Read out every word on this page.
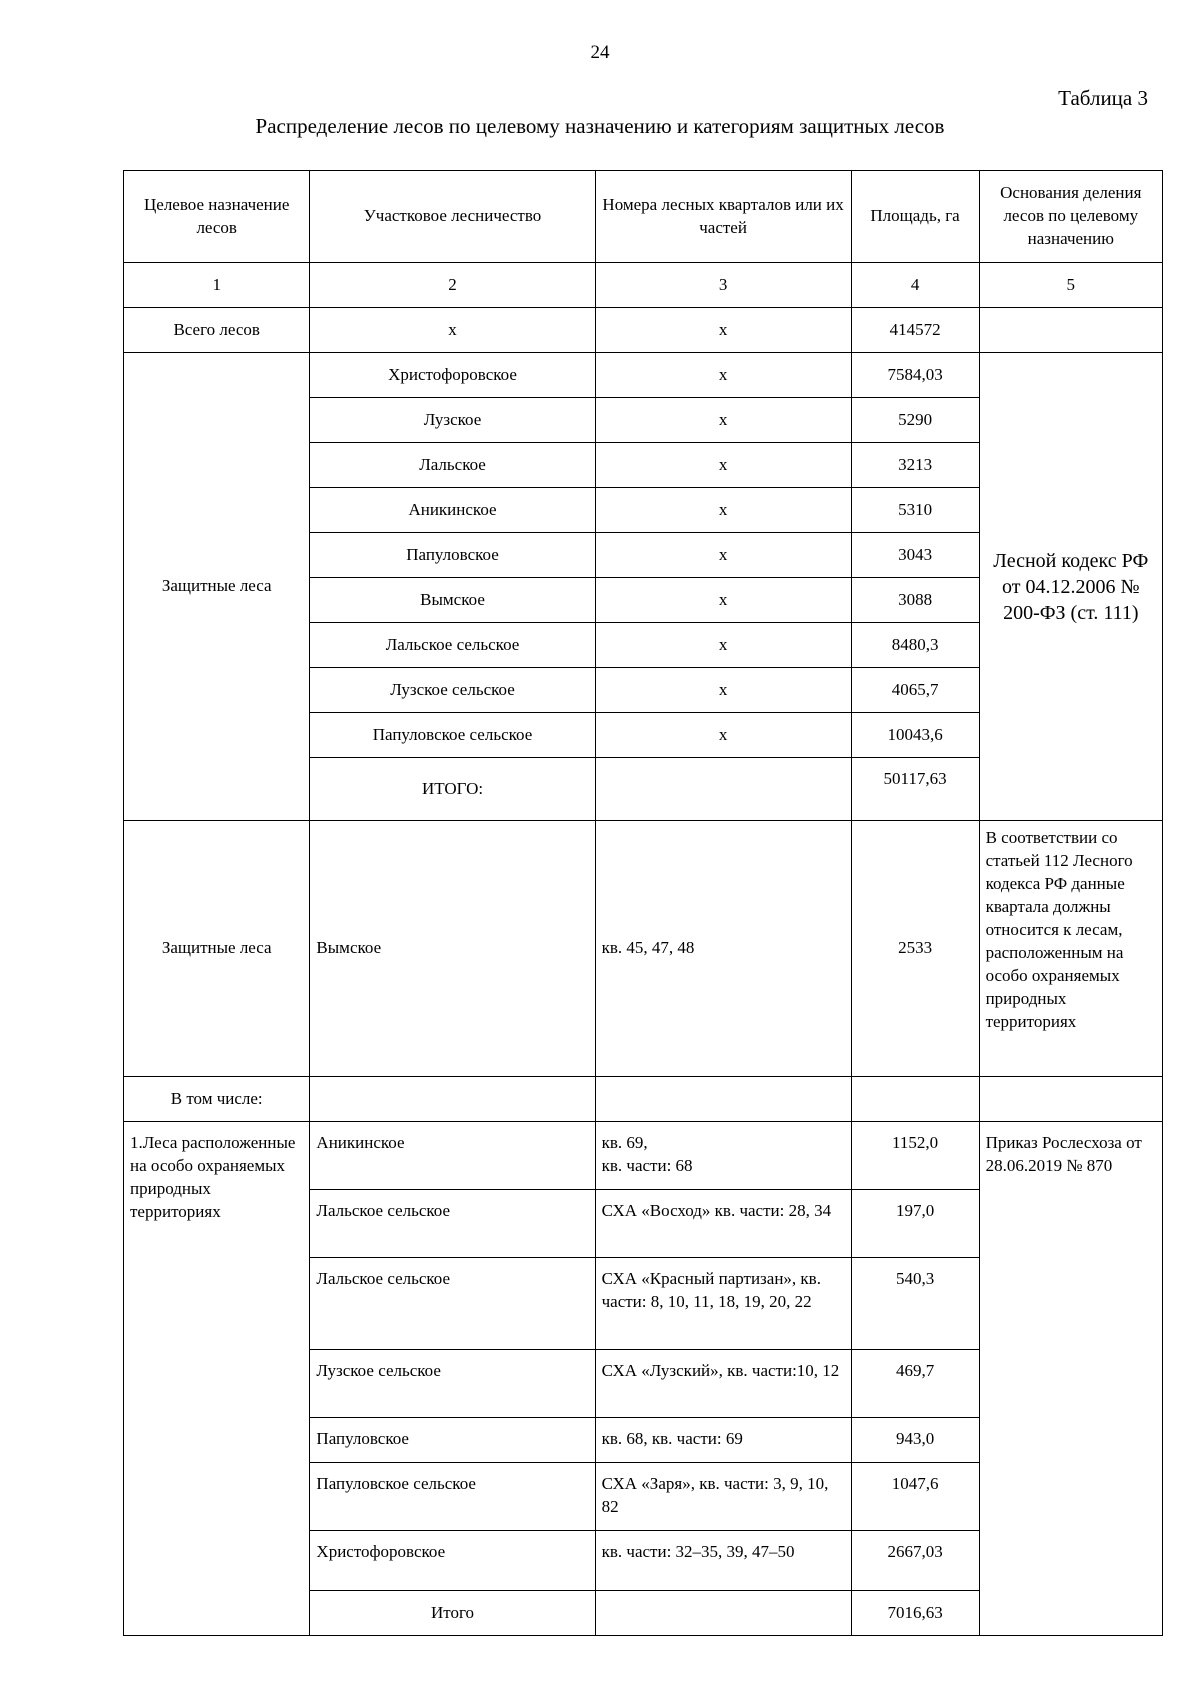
24
Таблица 3
Распределение лесов по целевому назначению и категориям защитных лесов
Целевое назначение лесов	Участковое лесничество	Номера лесных кварталов или их частей	Площадь, га	Основания деления лесов по целевому назначению
1	2	3	4	5
Всего лесов	х	х	414572	
Защитные леса	Христофоровское	х	7584,03	Лесной кодекс РФ от 04.12.2006 № 200-ФЗ (ст. 111)
	Лузское	х	5290	
	Лальское	х	3213	
	Аникинское	х	5310	
	Папуловское	х	3043	
	Вымское	х	3088	
	Лальское сельское	х	8480,3	
	Лузское сельское	х	4065,7	
	Папуловское сельское	х	10043,6	
	ИТОГО:		50117,63	
Защитные леса	Вымское	кв. 45, 47, 48	2533	В соответствии со статьей 112 Лесного кодекса РФ данные квартала должны относится к лесам, расположенным на особо охраняемых природных территориях
В том числе:				
1.Леса расположенные на особо охраняемых природных территориях	Аникинское	кв. 69,
кв. части: 68	1152,0	Приказ Рослесхоза от 28.06.2019 № 870
	Лальское сельское	СХА «Восход» кв. части: 28, 34	197,0	
	Лальское сельское	СХА «Красный партизан», кв. части: 8, 10, 11, 18, 19, 20, 22	540,3	
	Лузское сельское	СХА «Лузский», кв. части:10, 12	469,7	
	Папуловское	кв. 68, кв. части: 69	943,0	
	Папуловское сельское	СХА «Заря», кв. части: 3, 9, 10, 82	1047,6	
	Христофоровское	кв. части: 32–35, 39, 47–50	2667,03	
	Итого		7016,63	
